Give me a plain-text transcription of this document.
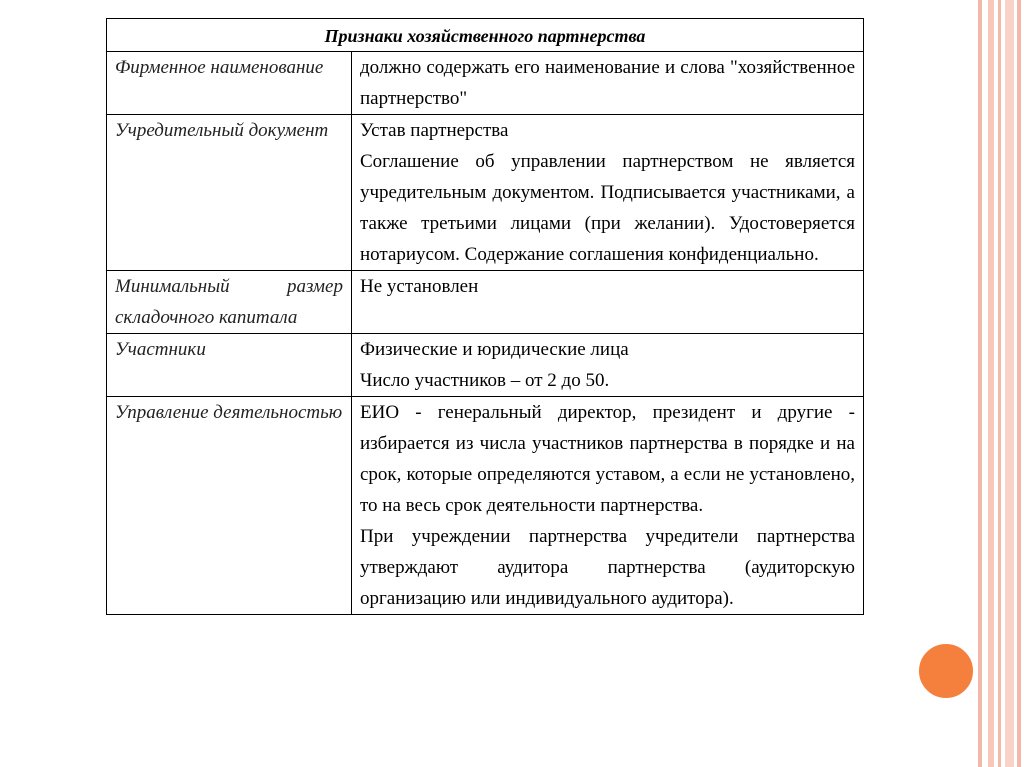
Признаки хозяйственного партнерства	

Фирменное наименование	должно содержать его наименование и слова "хозяйственное партнерство"

Учредительный документ	Устав партнерства

Соглашение об управлении партнерством не является учредительным документом. Подписывается участниками, а также третьими лицами (при желании). Удостоверяется нотариусом. Содержание соглашения конфиденциально.

Минимальный размер складочного капитала	Не установлен

Участники	Физические и юридические лица

Число участников – от 2 до 50.

Управление деятельностью	ЕИО - генеральный директор, президент и другие - избирается из числа участников партнерства в порядке и на срок, которые определяются уставом, а если не установлено, то на весь срок деятельности партнерства.

При учреждении партнерства учредители партнерства утверждают аудитора партнерства (аудиторскую организацию или индивидуального аудитора).
